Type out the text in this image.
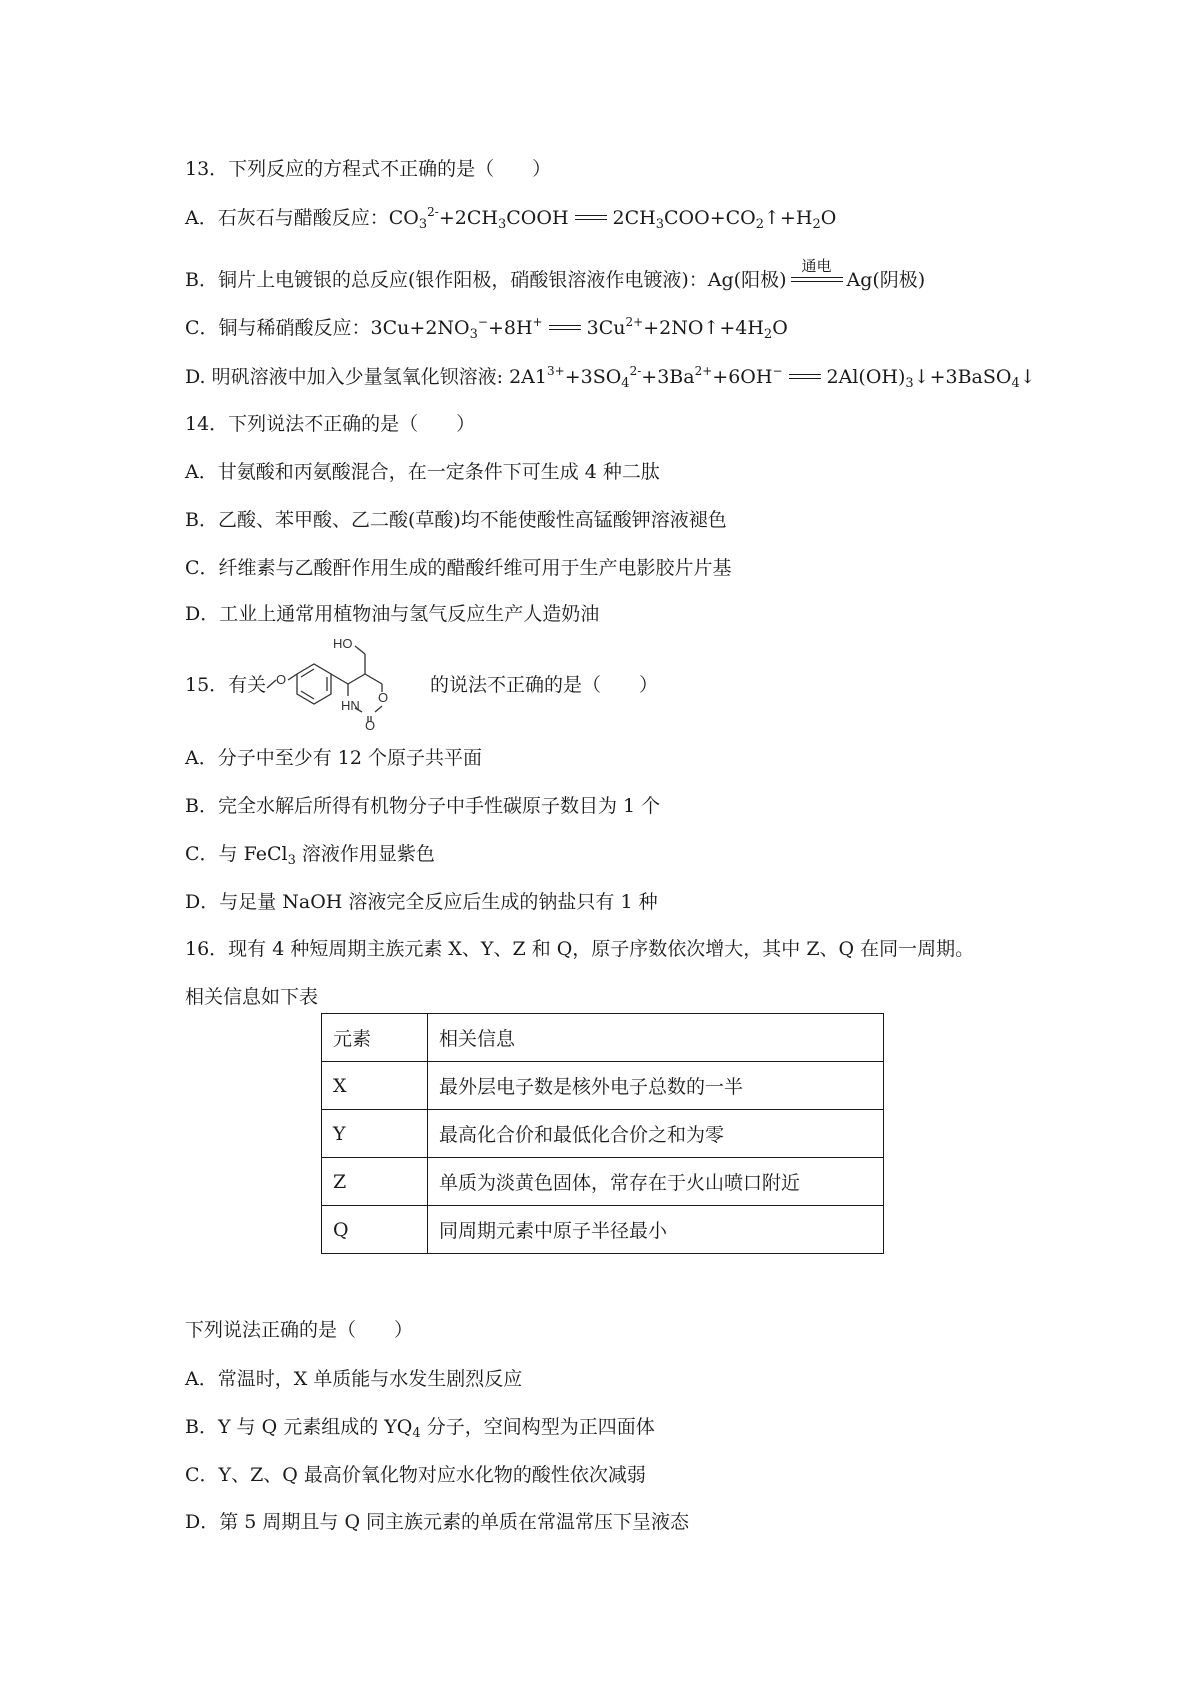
13．下列反应的方程式不正确的是（　　）
A．石灰石与醋酸反应：$CO_3^{2-}+2CH_3COOH$ $2CH_3COO+CO_2↑+H_2O$
B．铜片上电镀银的总反应(银作阳极，硝酸银溶液作电镀液)：Ag(阳极)
通电
Ag(阴极)
C．铜与稀硝酸反应：$3Cu+2NO_3^-+8H^+$ $3Cu^{2+}+2NO↑+4H_2O$
D. 明矾溶液中加入少量氢氧化钡溶液: $2A1^{3+}+3SO_4^{2-}+3Ba^{2+}+6OH^-$ $2Al(OH)_3↓+3BaSO_4↓$
14．下列说法不正确的是（　　）
A．甘氨酸和丙氨酸混合，在一定条件下可生成 4 种二肽
B．乙酸、苯甲酸、乙二酸(草酸)均不能使酸性高锰酸钾溶液褪色
C．纤维素与乙酸酐作用生成的醋酸纤维可用于生产电影胶片片基
D．工业上通常用植物油与氢气反应生产人造奶油
15．有关 O
HO
O
HN
O
的说法不正确的是（　　）
A．分子中至少有 12 个原子共平面
B．完全水解后所得有机物分子中手性碳原子数目为 1 个
C．与 FeCl$_3$ 溶液作用显紫色
D．与足量 NaOH 溶液完全反应后生成的钠盐只有 1 种
16．现有 4 种短周期主族元素 X、Y、Z 和 Q，原子序数依次增大，其中 Z、Q 在同一周期。
相关信息如下表
元素	相关信息
X	最外层电子数是核外电子总数的一半
Y	最高化合价和最低化合价之和为零
Z	单质为淡黄色固体，常存在于火山喷口附近
Q	同周期元素中原子半径最小
下列说法正确的是（　　）
A．常温时，X 单质能与水发生剧烈反应
B．Y 与 Q 元素组成的 $YQ_4$ 分子，空间构型为正四面体
C．Y、Z、Q 最高价氧化物对应水化物的酸性依次减弱
D．第 5 周期且与 Q 同主族元素的单质在常温常压下呈液态
